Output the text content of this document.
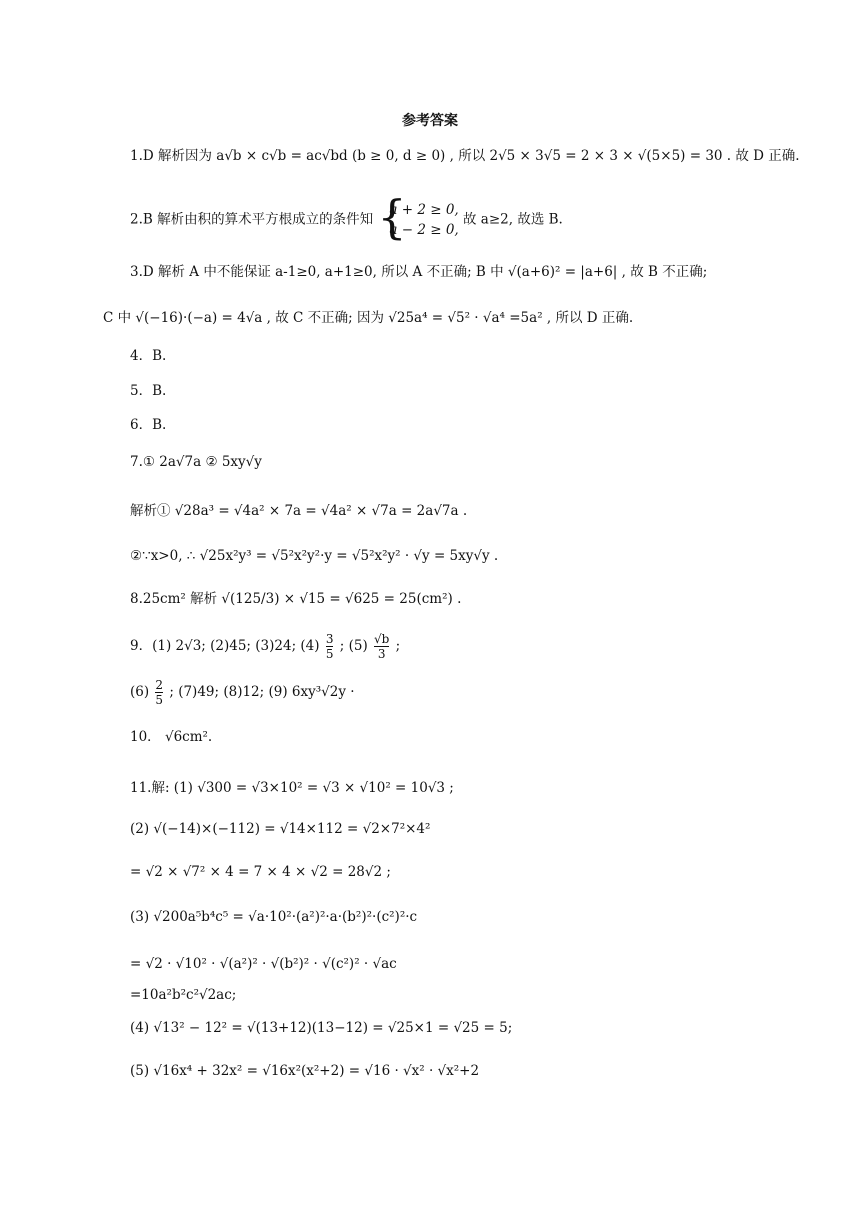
参考答案
1.D 解析因为 a√b × c√b = ac√bd (b ≥ 0, d ≥ 0) , 所以 2√5 × 3√5 = 2 × 3 × √(5×5) = 30 . 故 D 正确.
2.B 解析由积的算术平方根成立的条件知
{ a + 2 ≥ 0,
a − 2 ≥ 0,
故 a≥2, 故选 B.
3.D 解析 A 中不能保证 a-1≥0, a+1≥0, 所以 A 不正确; B 中 √(a+6)² = |a+6| , 故 B 不正确;
C 中 √(−16)·(−a) = 4√a , 故 C 不正确; 因为 √25a⁴ = √5² · √a⁴ =5a² , 所以 D 正确.
4．B.
5．B.
6．B.
7.① 2a√7a ② 5xy√y
解析① √28a³ = √4a² × 7a = √4a² × √7a = 2a√7a .
②∵x>0, ∴ √25x²y³ = √5²x²y²·y = √5²x²y² · √y = 5xy√y .
8.25cm² 解析 √(125/3) × √15 = √625 = 25(cm²) .
9．(1) 2√3; (2)45; (3)24; $(4) \frac{3}{5}$ ; $(5) \frac{√b}{3}$ ;
$(6) \frac{2}{5}$ ; (7)49; (8)12; (9) 6xy³√2y ·
10． √6cm².
11.解: (1) √300 = √3×10² = √3 × √10² = 10√3 ;
(2) √(−14)×(−112) = √14×112 = √2×7²×4²
= √2 × √7² × 4 = 7 × 4 × √2 = 28√2 ;
(3) √200a⁵b⁴c⁵ = √a·10²·(a²)²·a·(b²)²·(c²)²·c
= √2 · √10² · √(a²)² · √(b²)² · √(c²)² · √ac
=10a²b²c²√2ac;
(4) √13² − 12² = √(13+12)(13−12) = √25×1 = √25 = 5;
(5) √16x⁴ + 32x² = √16x²(x²+2) = √16 · √x² · √x²+2
